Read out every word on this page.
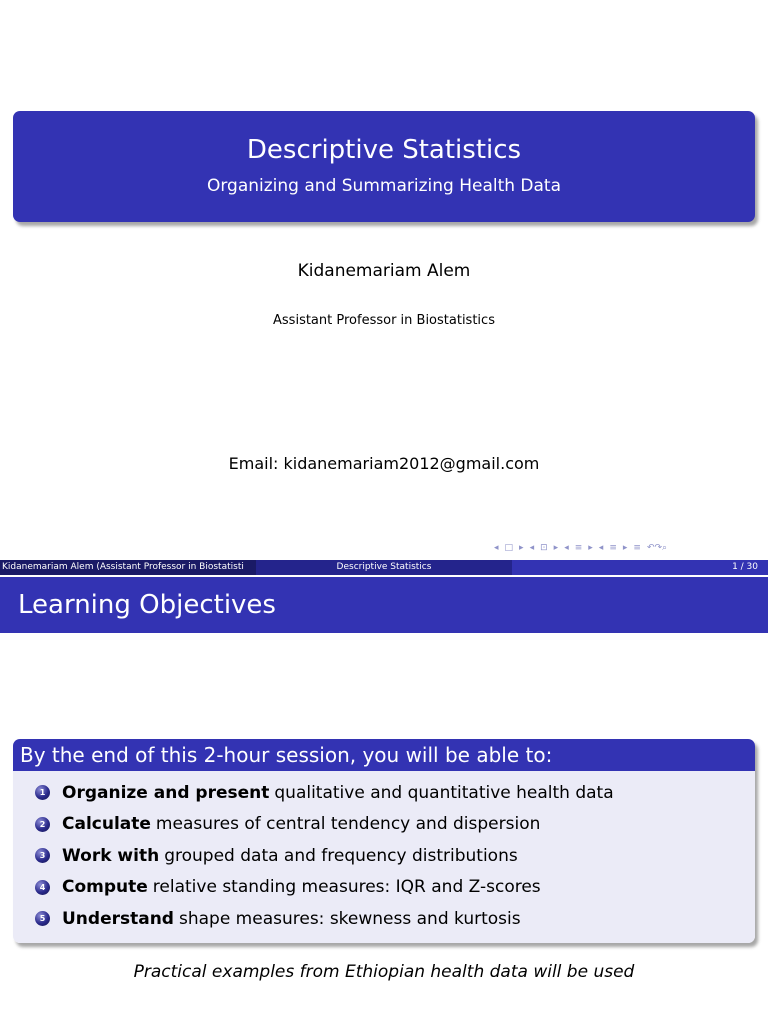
Descriptive Statistics
Organizing and Summarizing Health Data
Kidanemariam Alem
Assistant Professor in Biostatistics
Email: kidanemariam2012@gmail.com
◂ □ ▸ ◂ ⊡ ▸ ◂ ≡ ▸ ◂ ≡ ▸ ≡ ↶↷⌕
Kidanemariam Alem (Assistant Professor in Biostatisti	Descriptive Statistics	1 / 30
Learning Objectives
By the end of this 2-hour session, you will be able to:
1 Organize and present qualitative and quantitative health data
2 Calculate measures of central tendency and dispersion
3 Work with grouped data and frequency distributions
4 Compute relative standing measures: IQR and Z-scores
5 Understand shape measures: skewness and kurtosis
Practical examples from Ethiopian health data will be used
